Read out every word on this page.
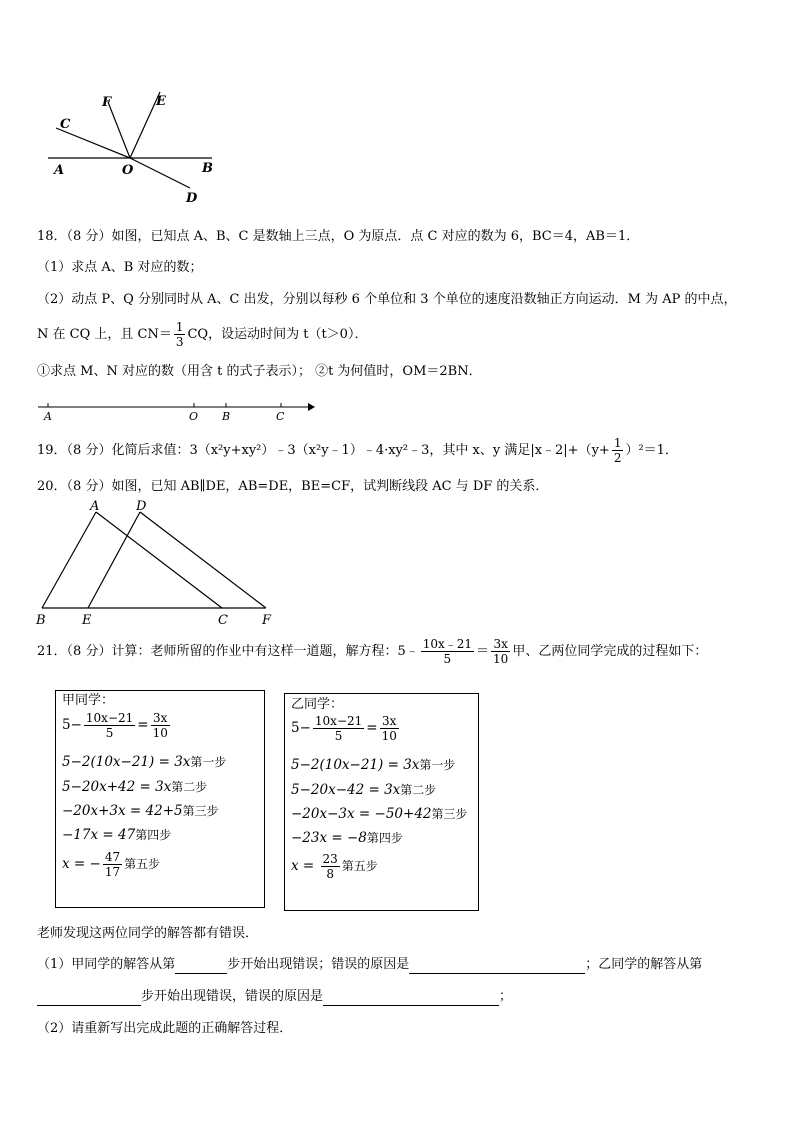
C
F	E
A	O	B
D
18．（8 分）如图，已知点 A、B、C 是数轴上三点，O 为原点．点 C 对应的数为 6，BC＝4，AB＝1．
（1）求点 A、B 对应的数；
（2）动点 P、Q 分别同时从 A、C 出发，分别以每秒 6 个单位和 3 个单位的速度沿数轴正方向运动．M 为 AP 的中点，
N 在 CQ 上，且 $CN= \frac{1}{3}$ CQ，设运动时间为 t（t＞0）．
①求点 M、N 对应的数（用含 t 的式子表示）； ②t 为何值时，OM＝2BN．
A	O B	C
19．（8 分）化简后求值：3（x²y+xy²）﹣3（x²y﹣1）﹣4·xy²﹣3，其中 x、y 满足|x﹣2|+（y+ $\frac{1}{2} )^2=1$．
20．（8 分）如图，已知 AB∥DE，AB=DE，BE=CF，试判断线段 AC 与 DF 的关系．
A	D
B	E	C	F
21．（8 分）计算：老师所留的作业中有这样一道题，解方程：5﹣ $\frac{10x﹣21}{5} = \frac{3x}{10}$ 甲、乙两位同学完成的过程如下：
甲同学：
$5- \frac{10x-21}{5} = \frac{3x}{10}$
5−2(10x−21) = 3x第一步
5−20x+42 = 3x第二步
−20x+3x = 42+5第三步
−17x = 47第四步
x = − $\frac{47}{17}$ 第五步
乙同学：
$5- \frac{10x-21}{5} = \frac{3x}{10}$
5−2(10x−21) = 3x第一步
5−20x−42 = 3x第二步
−20x−3x = −50+42第三步
−23x = −8第四步
$x = \frac{23}{8}$ 第五步
老师发现这两位同学的解答都有错误．
（1）甲同学的解答从第	步开始出现错误；错误的原因是	；乙同学的解答从第
步开始出现错误，错误的原因是	；
（2）请重新写出完成此题的正确解答过程．
